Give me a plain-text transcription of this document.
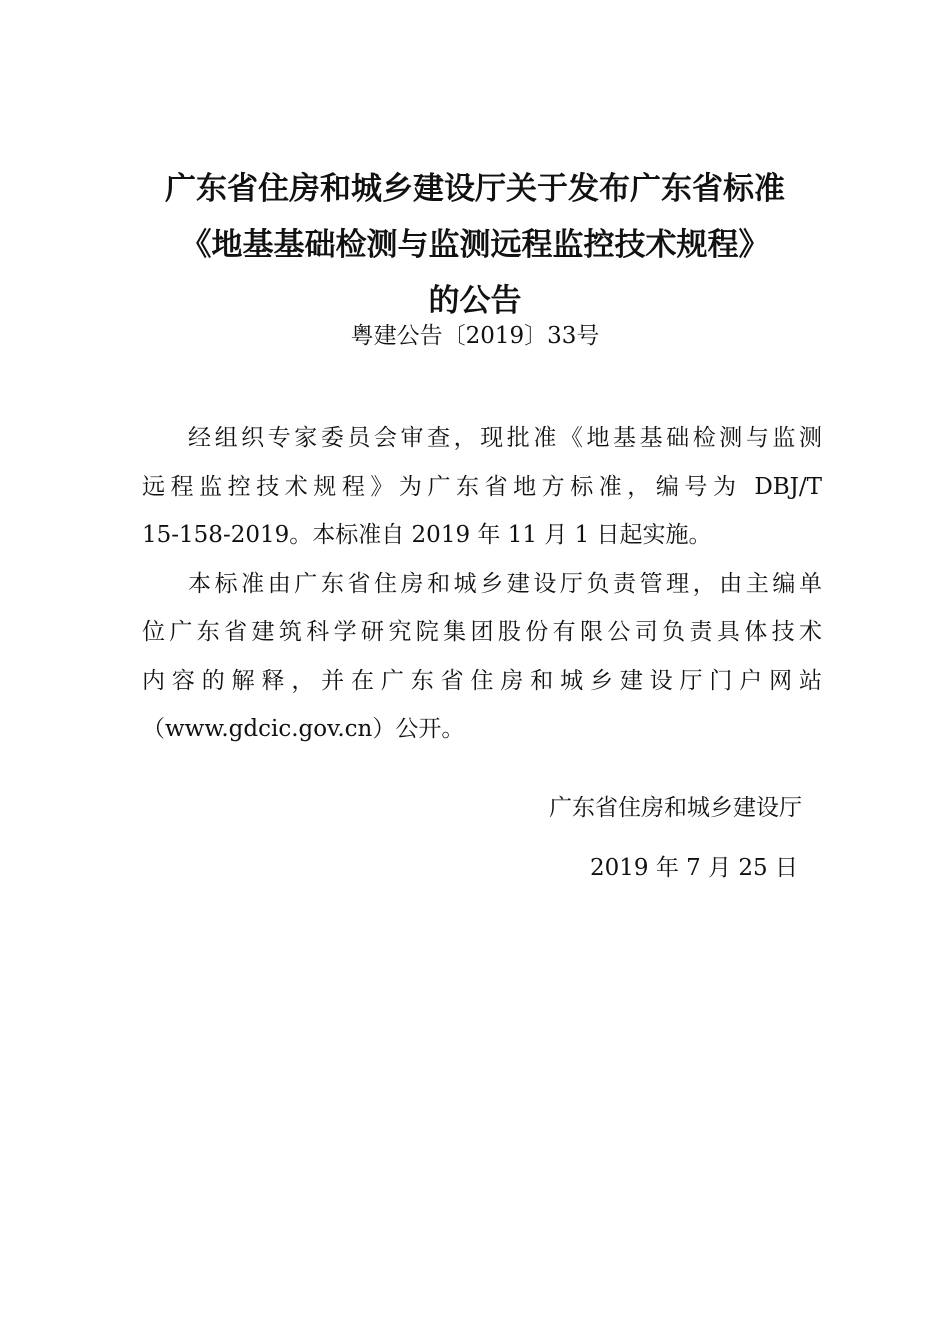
广东省住房和城乡建设厅关于发布广东省标准
《地基基础检测与监测远程监控技术规程》
的公告
粤建公告〔2019〕33号

经组织专家委员会审查，现批准《地基基础检测与监测
远程监控技术规程》为广东省地方标准，编号为 DBJ/T
15-158-2019。本标准自 2019 年 11 月 1 日起实施。

本标准由广东省住房和城乡建设厅负责管理，由主编单
位广东省建筑科学研究院集团股份有限公司负责具体技术
内容的解释，并在广东省住房和城乡建设厅门户网站
（www.gdcic.gov.cn）公开。

广东省住房和城乡建设厅
2019 年 7 月 25 日
